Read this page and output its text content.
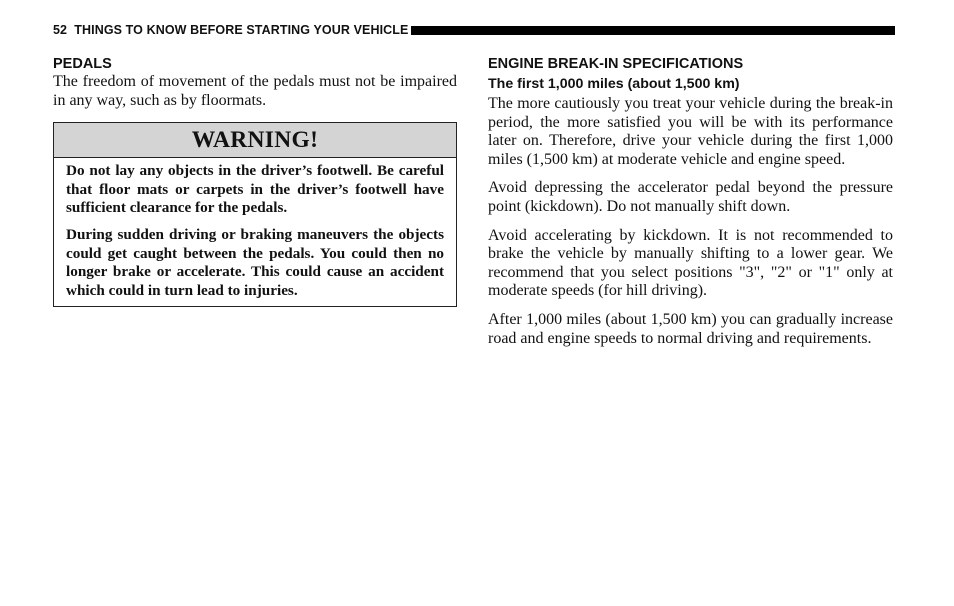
52 THINGS TO KNOW BEFORE STARTING YOUR VEHICLE
PEDALS

The freedom of movement of the pedals must not be impaired in any way, such as by floormats.

WARNING!

Do not lay any objects in the driver’s footwell. Be careful that floor mats or carpets in the driver’s footwell have sufficient clearance for the pedals.

During sudden driving or braking maneuvers the objects could get caught between the pedals. You could then no longer brake or accelerate. This could cause an accident which could in turn lead to injuries.

ENGINE BREAK-IN SPECIFICATIONS
The first 1,000 miles (about 1,500 km)

The more cautiously you treat your vehicle during the break-in period, the more satisfied you will be with its performance later on. Therefore, drive your vehicle during the first 1,000 miles (1,500 km) at moderate vehicle and engine speed.

Avoid depressing the accelerator pedal beyond the pressure point (kickdown). Do not manually shift down.

Avoid accelerating by kickdown. It is not recommended to brake the vehicle by manually shifting to a lower gear. We recommend that you select positions "3", "2" or "1" only at moderate speeds (for hill driving).

After 1,000 miles (about 1,500 km) you can gradually increase road and engine speeds to normal driving and requirements.
